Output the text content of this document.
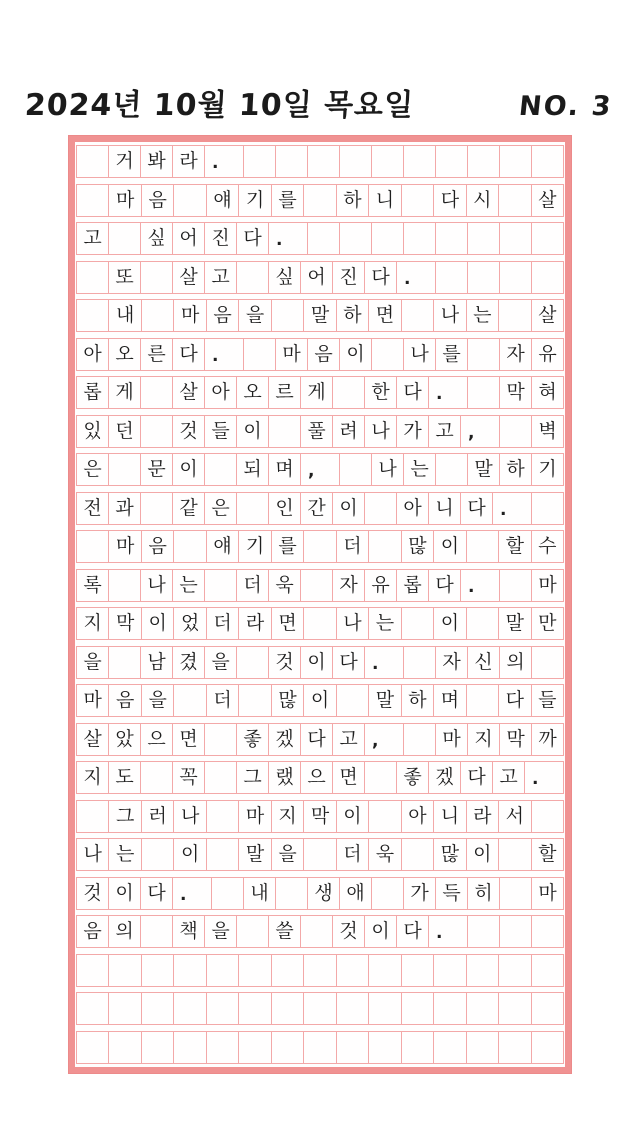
2024년 10월 10일 목요일	NO. 3
거 봐 라 .
마 음	얘 기 를	하 니	다 시	살
고	싶 어 진 다 .
또	살 고	싶 어 진 다 .
내	마 음 을	말 하 면	나 는	살
아 오 른 다 .	마 음 이	나 를	자 유
롭 게	살 아 오 르 게	한 다 .	막 혀
있 던	것 들 이	풀 려 나 가 고 ,	벽
은	문 이	되 며 ,	나 는	말 하 기
전 과	같 은	인 간 이	아 니 다 .
마 음	얘 기 를	더	많 이	할 수
록	나 는	더 욱	자 유 롭 다 .	마
지 막 이 었 더 라 면	나 는	이	말 만
을	남 겼 을	것 이 다 .	자 신 의
마 음 을	더	많 이	말 하 며	다 들
살 았 으 면	좋 겠 다 고 ,	마 지 막 까
지 도	꼭	그 랬 으 면	좋 겠 다 고 .
그 러 나	마 지 막 이	아 니 라 서
나 는	이	말 을	더 욱	많 이	할
것 이 다 .	내	생 애	가 득 히	마
음 의	책 을	쓸	것 이 다 .
